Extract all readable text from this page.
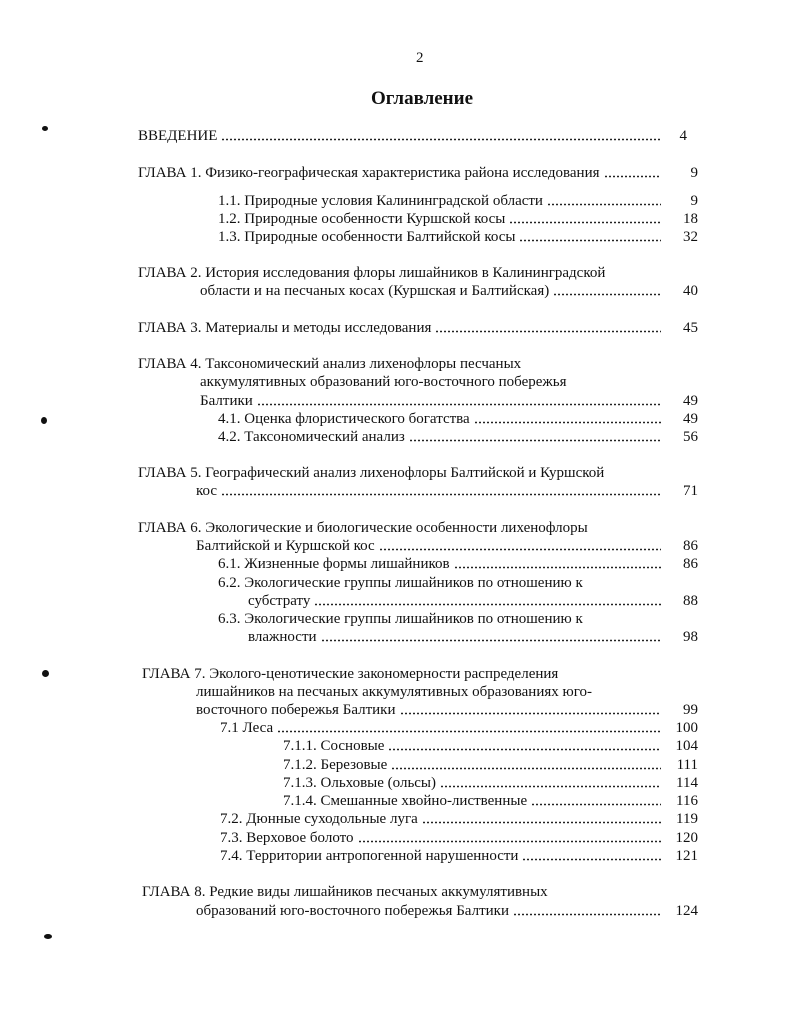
2
Оглавление
4
ВВЕДЕНИЕ
9
ГЛАВА 1. Физико-географическая характеристика района исследования
9
1.1. Природные условия Калининградской области
18
1.2. Природные особенности Куршской косы
32
1.3. Природные особенности Балтийской косы
ГЛАВА 2. История исследования флоры лишайников в Калининградской
40
области и на песчаных косах (Куршская и Балтийская)
45
ГЛАВА 3. Материалы и методы исследования
ГЛАВА 4. Таксономический анализ лихенофлоры песчаных
аккумулятивных образований юго-восточного побережья
49
Балтики
49
4.1. Оценка флористического богатства
56
4.2. Таксономический анализ
ГЛАВА 5. Географический анализ лихенофлоры Балтийской и Куршской
71
кос
ГЛАВА 6. Экологические и биологические особенности лихенофлоры
86
Балтийской и Куршской кос
86
6.1. Жизненные формы лишайников
6.2. Экологические группы лишайников по отношению к
88
субстрату
6.3. Экологические группы лишайников по отношению к
98
влажности
ГЛАВА 7. Эколого-ценотические закономерности распределения
лишайников на песчаных аккумулятивных образованиях юго-
99
восточного побережья Балтики
100
7.1 Леса
104
7.1.1. Сосновые
111
7.1.2. Березовые
114
7.1.3. Ольховые (ольсы)
116
7.1.4. Смешанные хвойно-лиственные
119
7.2. Дюнные суходольные луга
120
7.3. Верховое болото
121
7.4. Территории антропогенной нарушенности
ГЛАВА 8. Редкие виды лишайников песчаных аккумулятивных
124
образований юго-восточного побережья Балтики
